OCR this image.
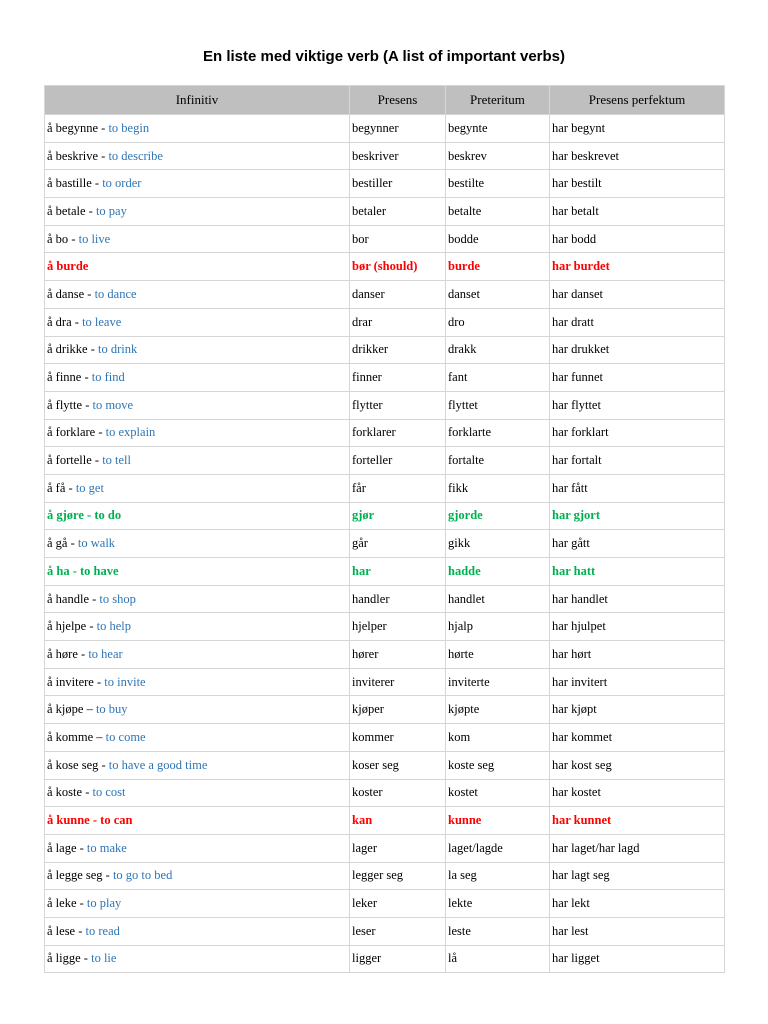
En liste med viktige verb (A list of important verbs)
Infinitiv	Presens	Preteritum	Presens perfektum
å begynne - to begin	begynner	begynte	har begynt
å beskrive - to describe	beskriver	beskrev	har beskrevet
å bastille - to order	bestiller	bestilte	har bestilt
å betale - to pay	betaler	betalte	har betalt
å bo - to live	bor	bodde	har bodd
å burde	bør (should)	burde	har burdet
å danse - to dance	danser	danset	har danset
å dra - to leave	drar	dro	har dratt
å drikke - to drink	drikker	drakk	har drukket
å finne - to find	finner	fant	har funnet
å flytte - to move	flytter	flyttet	har flyttet
å forklare - to explain	forklarer	forklarte	har forklart
å fortelle - to tell	forteller	fortalte	har fortalt
å få - to get	får	fikk	har fått
å gjøre - to do	gjør	gjorde	har gjort
å gå - to walk	går	gikk	har gått
å ha - to have	har	hadde	har hatt
å handle - to shop	handler	handlet	har handlet
å hjelpe - to help	hjelper	hjalp	har hjulpet
å høre - to hear	hører	hørte	har hørt
å invitere - to invite	inviterer	inviterte	har invitert
å kjøpe – to buy	kjøper	kjøpte	har kjøpt
å komme – to come	kommer	kom	har kommet
å kose seg - to have a good time	koser seg	koste seg	har kost seg
å koste - to cost	koster	kostet	har kostet
å kunne - to can	kan	kunne	har kunnet
å lage - to make	lager	laget/lagde	har laget/har lagd
å legge seg - to go to bed	legger seg	la seg	har lagt seg
å leke - to play	leker	lekte	har lekt
å lese - to read	leser	leste	har lest
å ligge - to lie	ligger	lå	har ligget
